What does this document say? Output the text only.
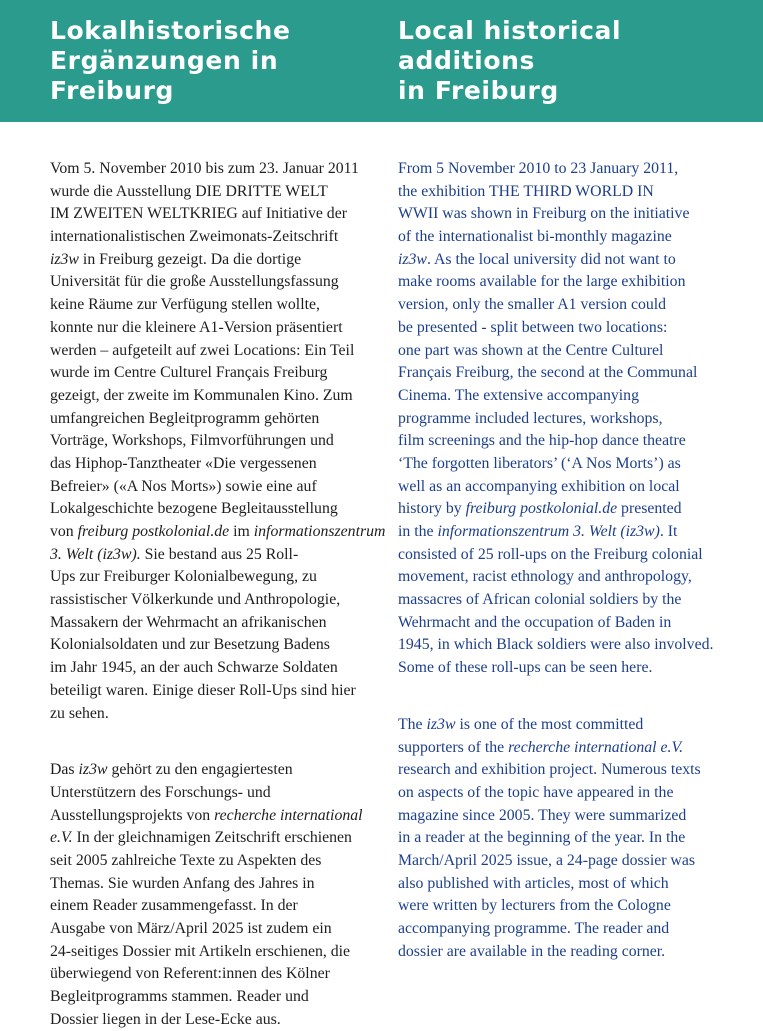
Lokalhistorische
Ergänzungen in
Freiburg
Local historical
additions
in Freiburg
Vom 5. November 2010 bis zum 23. Januar 2011
wurde die Ausstellung DIE DRITTE WELT
IM ZWEITEN WELTKRIEG auf Initiative der
internationalistischen Zweimonats-Zeitschrift
iz3w in Freiburg gezeigt. Da die dortige
Universität für die große Ausstellungsfassung
keine Räume zur Verfügung stellen wollte,
konnte nur die kleinere A1-Version präsentiert
werden – aufgeteilt auf zwei Locations: Ein Teil
wurde im Centre Culturel Français Freiburg
gezeigt, der zweite im Kommunalen Kino. Zum
umfangreichen Begleitprogramm gehörten
Vorträge, Workshops, Filmvorführungen und
das Hiphop-Tanztheater «Die vergessenen
Befreier» («A Nos Morts») sowie eine auf
Lokalgeschichte bezogene Begleitausstellung
von freiburg postkolonial.de im informationszentrum
3. Welt (iz3w). Sie bestand aus 25 Roll-
Ups zur Freiburger Kolonialbewegung, zu
rassistischer Völkerkunde und Anthropologie,
Massakern der Wehrmacht an afrikanischen
Kolonialsoldaten und zur Besetzung Badens
im Jahr 1945, an der auch Schwarze Soldaten
beteiligt waren. Einige dieser Roll-Ups sind hier
zu sehen.
Das iz3w gehört zu den engagiertesten
Unterstützern des Forschungs- und
Ausstellungsprojekts von recherche international
e.V. In der gleichnamigen Zeitschrift erschienen
seit 2005 zahlreiche Texte zu Aspekten des
Themas. Sie wurden Anfang des Jahres in
einem Reader zusammengefasst. In der
Ausgabe von März/April 2025 ist zudem ein
24-seitiges Dossier mit Artikeln erschienen, die
überwiegend von Referent:innen des Kölner
Begleitprogramms stammen. Reader und
Dossier liegen in der Lese-Ecke aus.
From 5 November 2010 to 23 January 2011,
the exhibition THE THIRD WORLD IN
WWII was shown in Freiburg on the initiative
of the internationalist bi-monthly magazine
iz3w. As the local university did not want to
make rooms available for the large exhibition
version, only the smaller A1 version could
be presented - split between two locations:
one part was shown at the Centre Culturel
Français Freiburg, the second at the Communal
Cinema. The extensive accompanying
programme included lectures, workshops,
film screenings and the hip-hop dance theatre
‘The forgotten liberators’ (‘A Nos Morts’) as
well as an accompanying exhibition on local
history by freiburg postkolonial.de presented
in the informationszentrum 3. Welt (iz3w). It
consisted of 25 roll-ups on the Freiburg colonial
movement, racist ethnology and anthropology,
massacres of African colonial soldiers by the
Wehrmacht and the occupation of Baden in
1945, in which Black soldiers were also involved.
Some of these roll-ups can be seen here.
The iz3w is one of the most committed
supporters of the recherche international e.V.
research and exhibition project. Numerous texts
on aspects of the topic have appeared in the
magazine since 2005. They were summarized
in a reader at the beginning of the year. In the
March/April 2025 issue, a 24-page dossier was
also published with articles, most of which
were written by lecturers from the Cologne
accompanying programme. The reader and
dossier are available in the reading corner.
